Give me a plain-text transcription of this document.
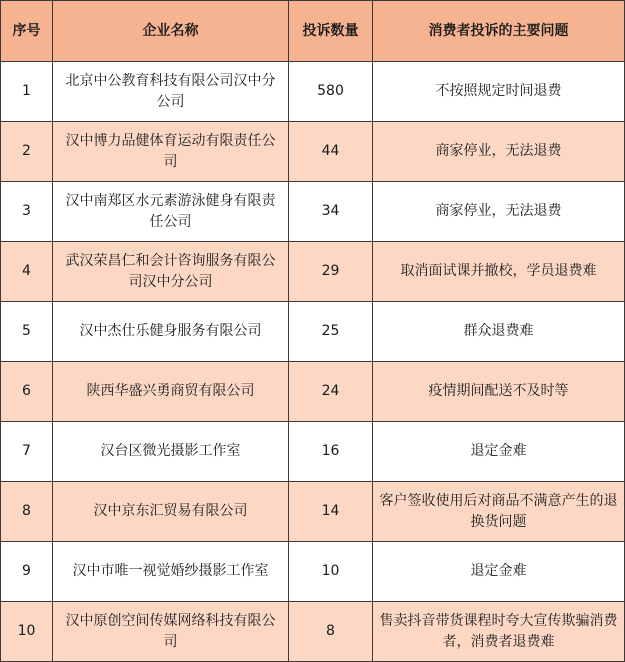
序号	企业名称	投诉数量	消费者投诉的主要问题
1	北京中公教育科技有限公司汉中分公司	580	不按照规定时间退费
2	汉中博力品健体育运动有限责任公司	44	商家停业，无法退费
3	汉中南郑区水元素游泳健身有限责任公司	34	商家停业，无法退费
4	武汉荣昌仁和会计咨询服务有限公司汉中分公司	29	取消面试课并撤校，学员退费难
5	汉中杰仕乐健身服务有限公司	25	群众退费难
6	陕西华盛兴勇商贸有限公司	24	疫情期间配送不及时等
7	汉台区微光摄影工作室	16	退定金难
8	汉中京东汇贸易有限公司	14	客户签收使用后对商品不满意产生的退换货问题
9	汉中市唯一视觉婚纱摄影工作室	10	退定金难
10	汉中原创空间传媒网络科技有限公司	8	售卖抖音带货课程时夸大宣传欺骗消费者，消费者退费难
